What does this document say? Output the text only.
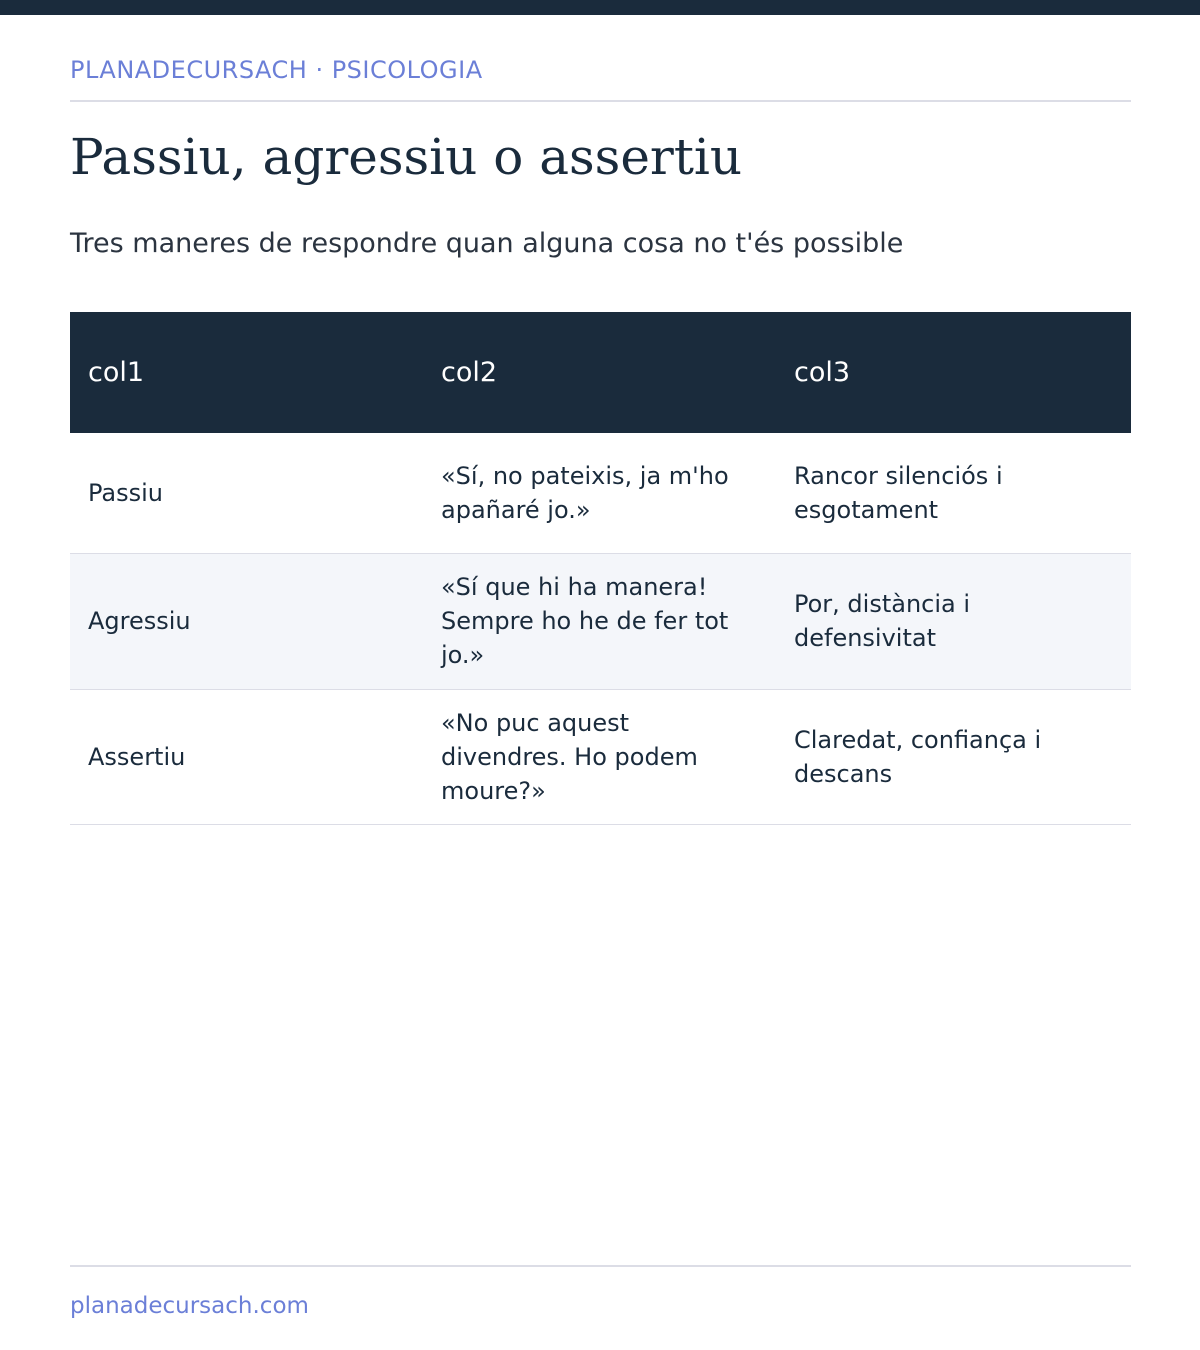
PLANADECURSACH · PSICOLOGIA
Passiu, agressiu o assertiu

Tres maneres de respondre quan alguna cosa no t'és possible

col1	col2	col3
Passiu	«Sí, no pateixis, ja m'ho apañaré jo.»	Rancor silenciós i esgotament
Agressiu	«Sí que hi ha manera! Sempre ho he de fer tot jo.»	Por, distància i defensivitat
Assertiu	«No puc aquest divendres. Ho podem moure?»	Claredat, confiança i descans
planadecursach.com
